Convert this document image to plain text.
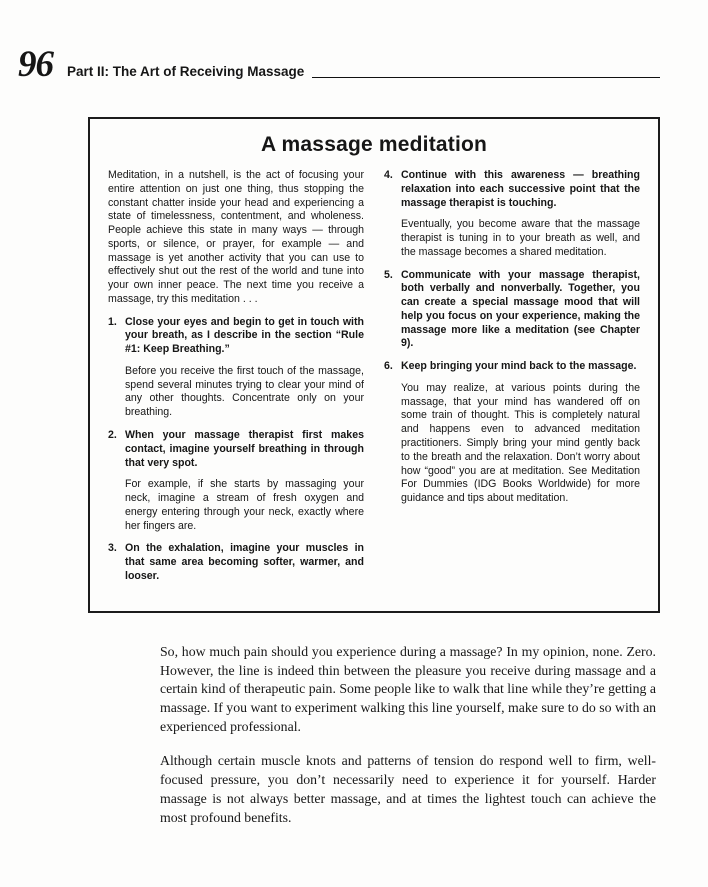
96 Part II: The Art of Receiving Massage
A massage meditation

Meditation, in a nutshell, is the act of focusing your entire attention on just one thing, thus stopping the constant chatter inside your head and experiencing a state of timelessness, contentment, and wholeness. People achieve this state in many ways — through sports, or silence, or prayer, for example — and massage is yet another activity that you can use to effectively shut out the rest of the world and tune into your own inner peace. The next time you receive a massage, try this meditation . . .

1. Close your eyes and begin to get in touch with your breath, as I describe in the section “Rule #1: Keep Breathing.”

Before you receive the first touch of the massage, spend several minutes trying to clear your mind of any other thoughts. Concentrate only on your breathing.

2. When your massage therapist first makes contact, imagine yourself breathing in through that very spot.

For example, if she starts by massaging your neck, imagine a stream of fresh oxygen and energy entering through your neck, exactly where her fingers are.

3. On the exhalation, imagine your muscles in that same area becoming softer, warmer, and looser.

4. Continue with this awareness — breathing relaxation into each successive point that the massage therapist is touching.

Eventually, you become aware that the massage therapist is tuning in to your breath as well, and the massage becomes a shared meditation.

5. Communicate with your massage therapist, both verbally and nonverbally. Together, you can create a special massage mood that will help you focus on your experience, making the massage more like a meditation (see Chapter 9).

6. Keep bringing your mind back to the massage.

You may realize, at various points during the massage, that your mind has wandered off on some train of thought. This is completely natural and happens even to advanced meditation practitioners. Simply bring your mind gently back to the breath and the relaxation. Don’t worry about how “good” you are at meditation. See Meditation For Dummies (IDG Books Worldwide) for more guidance and tips about meditation.

So, how much pain should you experience during a massage? In my opinion, none. Zero. However, the line is indeed thin between the pleasure you receive during massage and a certain kind of therapeutic pain. Some people like to walk that line while they’re getting a massage. If you want to experiment walking this line yourself, make sure to do so with an experienced professional.

Although certain muscle knots and patterns of tension do respond well to firm, well-focused pressure, you don’t necessarily need to experience it for yourself. Harder massage is not always better massage, and at times the lightest touch can achieve the most profound benefits.
